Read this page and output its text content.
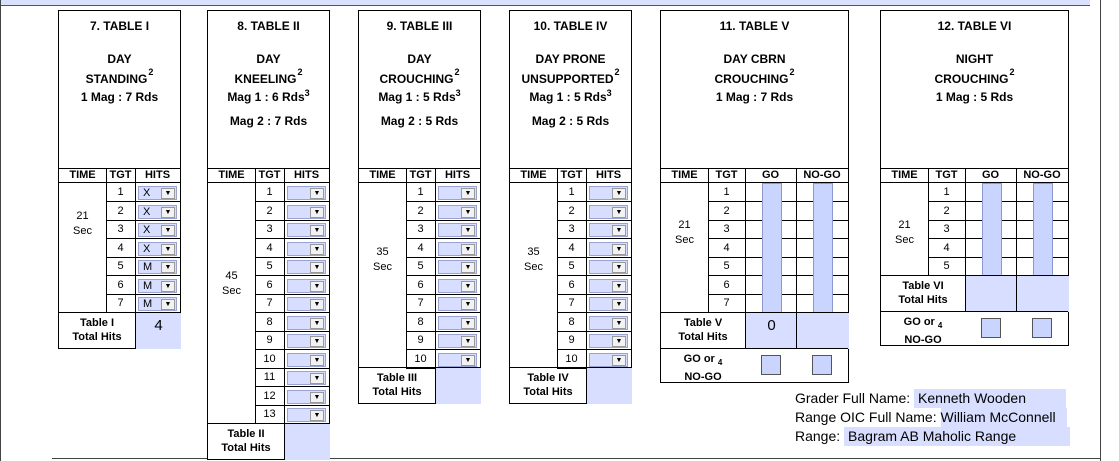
7. TABLE I
DAY
STANDING$^2$
1 Mag : 7 Rds
TIME	TGT	HITS
21
Sec
1	X	▼
2	X	▼
3	X	▼
4	X	▼
5	M	▼
6	M	▼
7	M	▼
Table I
Total Hits
4
8. TABLE II
DAY
KNEELING$^2$
Mag 1 : 6 Rds$^3$
Mag 2 : 7 Rds
TIME	TGT	HITS
45
Sec
1	▼
2	▼
3	▼
4	▼
5	▼
6	▼
7	▼
8	▼
9	▼
10	▼
11	▼
12	▼
13	▼
Table II
Total Hits
9. TABLE III
DAY
CROUCHING$^2$
Mag 1 : 5 Rds$^3$
Mag 2 : 5 Rds
TIME	TGT	HITS
35
Sec
1	▼
2	▼
3	▼
4	▼
5	▼
6	▼
7	▼
8	▼
9	▼
10	▼
Table III
Total Hits
10. TABLE IV
DAY PRONE
UNSUPPORTED$^2$
Mag 1 : 5 Rds$^3$
Mag 2 : 5 Rds
TIME	TGT	HITS
35
Sec
1	▼
2	▼
3	▼
4	▼
5	▼
6	▼
7	▼
8	▼
9	▼
10	▼
Table IV
Total Hits
11. TABLE V
DAY CBRN
CROUCHING$^2$
1 Mag : 7 Rds
TIME	TGT	GO	NO-GO
21
Sec
1
2
3
4
5
6
7
Table V
Total Hits
0
GO or $_4$
NO-GO
12. TABLE VI
NIGHT
CROUCHING$^2$
1 Mag : 5 Rds
TIME	TGT	GO	NO-GO
21
Sec
1
2
3
4
5
Table VI
Total Hits
GO or $_4$
NO-GO
Grader Full Name: Kenneth Wooden
Range OIC Full Name: William McConnell
Range: Bagram AB Maholic Range
